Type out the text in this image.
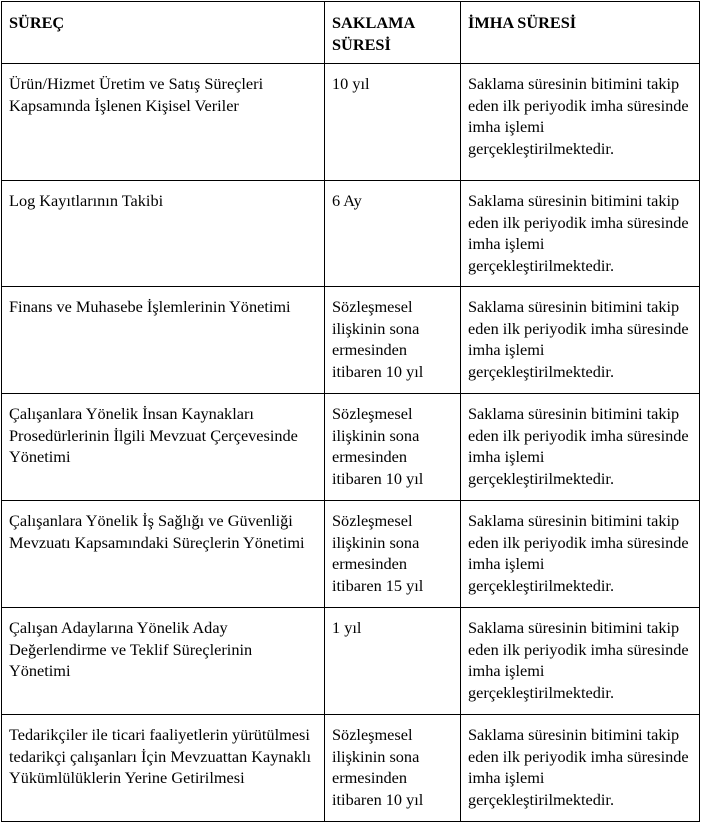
SÜREÇ	SAKLAMA SÜRESİ	İMHA SÜRESİ
Ürün/Hizmet Üretim ve Satış Süreçleri Kapsamında İşlenen Kişisel Veriler	10 yıl	Saklama süresinin bitimini takip eden ilk periyodik imha süresinde imha işlemi gerçekleştirilmektedir.
Log Kayıtlarının Takibi	6 Ay	Saklama süresinin bitimini takip eden ilk periyodik imha süresinde imha işlemi gerçekleştirilmektedir.
Finans ve Muhasebe İşlemlerinin Yönetimi	Sözleşmesel ilişkinin sona ermesinden itibaren 10 yıl	Saklama süresinin bitimini takip eden ilk periyodik imha süresinde imha işlemi gerçekleştirilmektedir.
Çalışanlara Yönelik İnsan Kaynakları Prosedürlerinin İlgili Mevzuat Çerçevesinde Yönetimi	Sözleşmesel ilişkinin sona ermesinden itibaren 10 yıl	Saklama süresinin bitimini takip eden ilk periyodik imha süresinde imha işlemi gerçekleştirilmektedir.
Çalışanlara Yönelik İş Sağlığı ve Güvenliği Mevzuatı Kapsamındaki Süreçlerin Yönetimi	Sözleşmesel ilişkinin sona ermesinden itibaren 15 yıl	Saklama süresinin bitimini takip eden ilk periyodik imha süresinde imha işlemi gerçekleştirilmektedir.
Çalışan Adaylarına Yönelik Aday Değerlendirme ve Teklif Süreçlerinin Yönetimi	1 yıl	Saklama süresinin bitimini takip eden ilk periyodik imha süresinde imha işlemi gerçekleştirilmektedir.
Tedarikçiler ile ticari faaliyetlerin yürütülmesi tedarikçi çalışanları İçin Mevzuattan Kaynaklı Yükümlülüklerin Yerine Getirilmesi	Sözleşmesel ilişkinin sona ermesinden itibaren 10 yıl	Saklama süresinin bitimini takip eden ilk periyodik imha süresinde imha işlemi gerçekleştirilmektedir.
